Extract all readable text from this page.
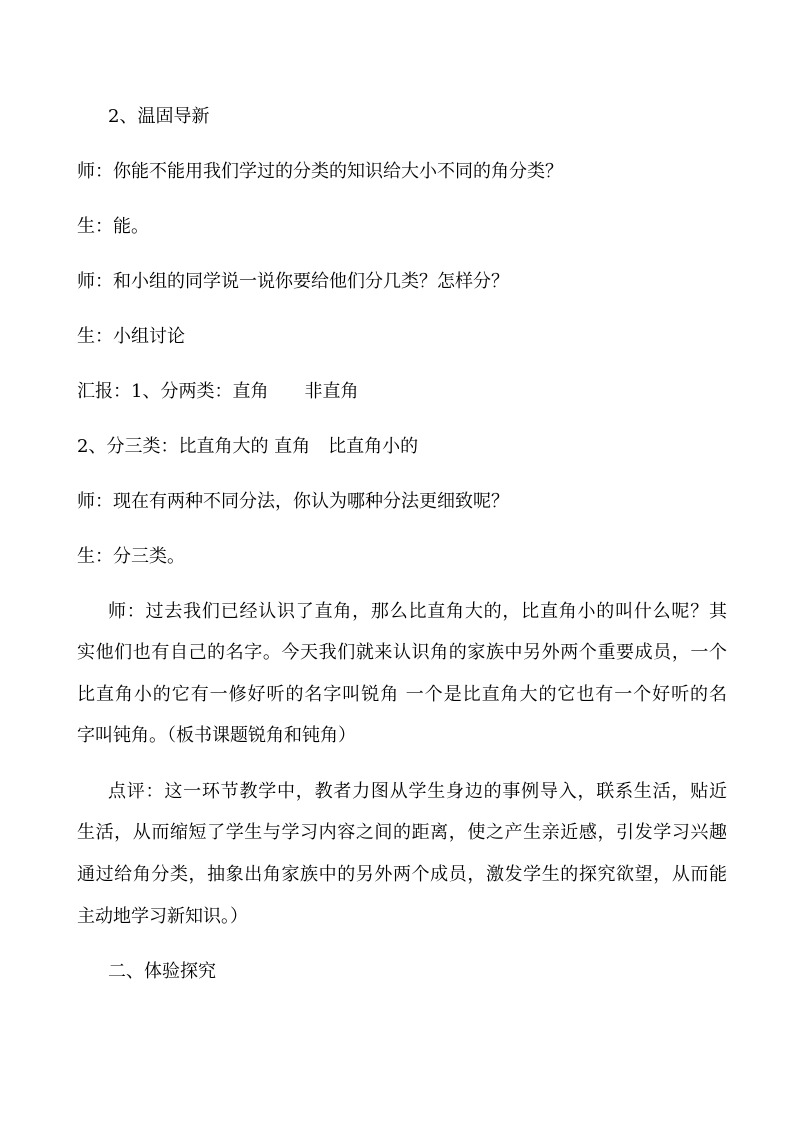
2、温固导新
师：你能不能用我们学过的分类的知识给大小不同的角分类？
生：能。
师：和小组的同学说一说你要给他们分几类？怎样分？
生：小组讨论
汇报：1、分两类：直角　　非直角
2、分三类：比直角大的 直角　比直角小的
师：现在有两种不同分法，你认为哪种分法更细致呢？
生：分三类。
师：过去我们已经认识了直角，那么比直角大的，比直角小的叫什么呢？其
实他们也有自己的名字。今天我们就来认识角的家族中另外两个重要成员，一个
比直角小的它有一修好听的名字叫锐角 一个是比直角大的它也有一个好听的名
字叫钝角。（板书课题锐角和钝角）
点评：这一环节教学中，教者力图从学生身边的事例导入，联系生活，贴近
生活，从而缩短了学生与学习内容之间的距离，使之产生亲近感，引发学习兴趣
通过给角分类，抽象出角家族中的另外两个成员，激发学生的探究欲望，从而能
主动地学习新知识。）
二、体验探究
